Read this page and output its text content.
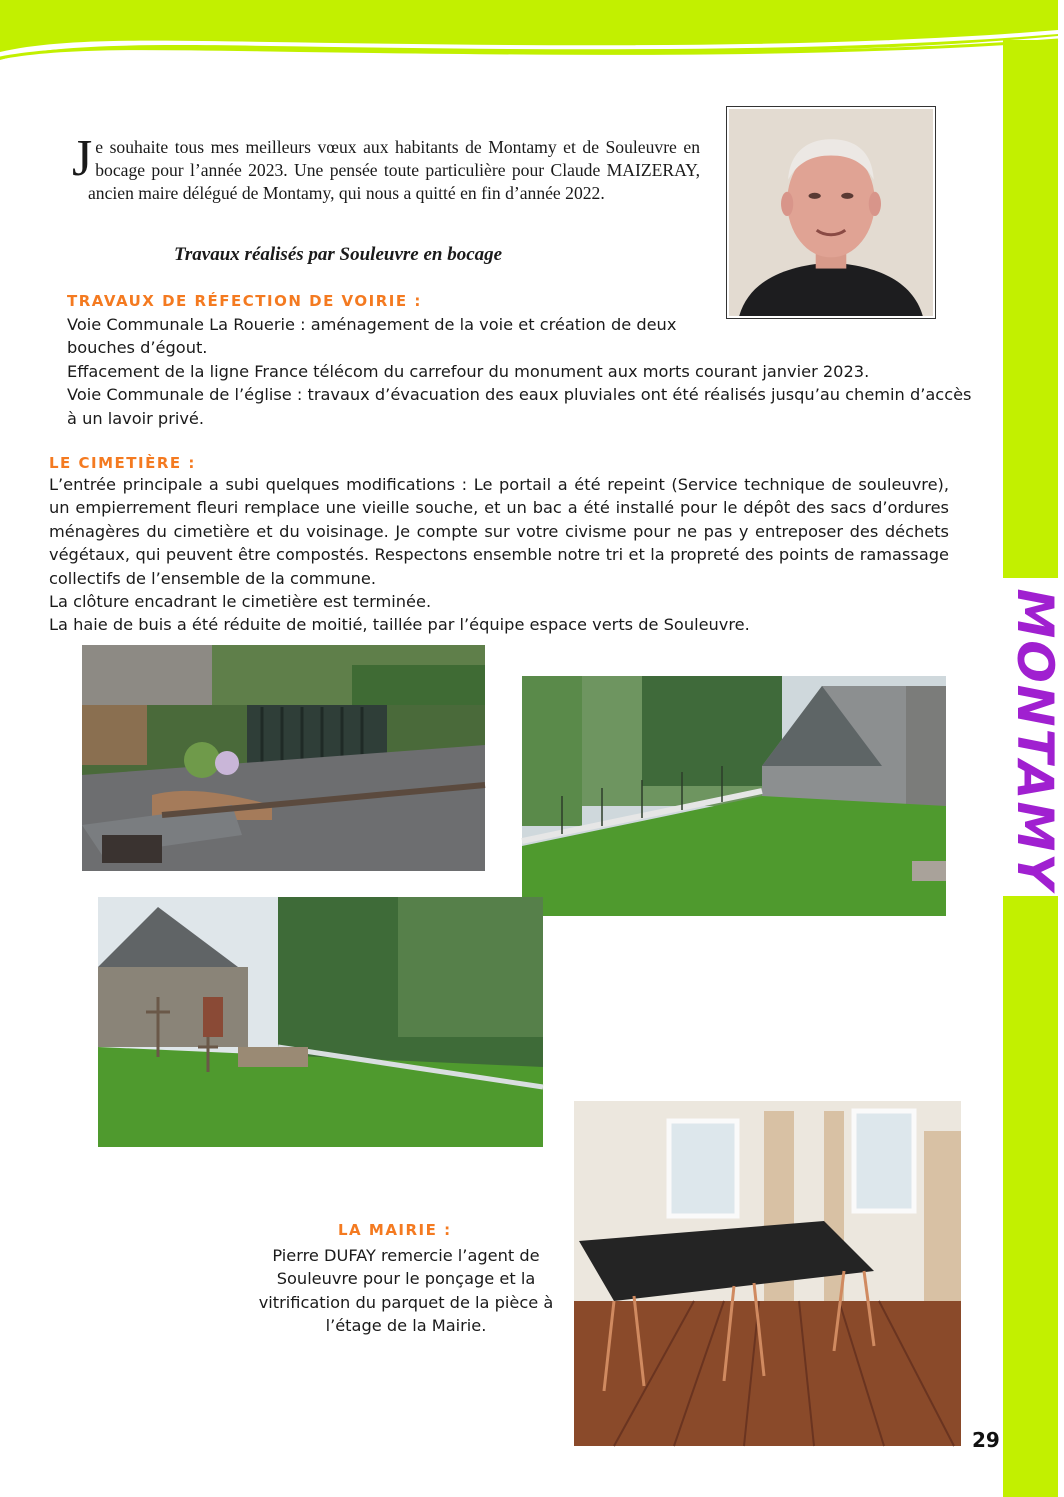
MONTAMY
Je souhaite tous mes meilleurs vœux aux habitants de Montamy et de Souleuvre en bocage pour l’année 2023. Une pensée toute particulière pour Claude MAIZERAY, ancien maire délégué de Montamy, qui nous a quitté en fin d’année 2022.
Travaux réalisés par Souleuvre en bocage
TRAVAUX DE RÉFECTION DE VOIRIE :

Voie Communale La Rouerie : aménagement de la voie et création de deux

bouches d’égout.

Effacement de la ligne France télécom du carrefour du monument aux morts courant janvier 2023.

Voie Communale de l’église : travaux d’évacuation des eaux pluviales ont été réalisés jusqu’au chemin d’accès à un lavoir privé.

LE CIMETIÈRE :

L’entrée principale a subi quelques modifications : Le portail a été repeint (Service technique de souleuvre), un empierrement fleuri remplace une vieille souche, et un bac a été installé pour le dépôt des sacs d’ordures ménagères du cimetière et du voisinage. Je compte sur votre civisme pour ne pas y entreposer des déchets végétaux, qui peuvent être compostés. Respectons ensemble notre tri et la propreté des points de ramassage collectifs de l’ensemble de la commune.

La clôture encadrant le cimetière est terminée.

La haie de buis a été réduite de moitié, taillée par l’équipe espace verts de Souleuvre.

LA MAIRIE :
Pierre DUFAY remercie l’agent de Souleuvre pour le ponçage et la vitrification du parquet de la pièce à l’étage de la Mairie.
29
